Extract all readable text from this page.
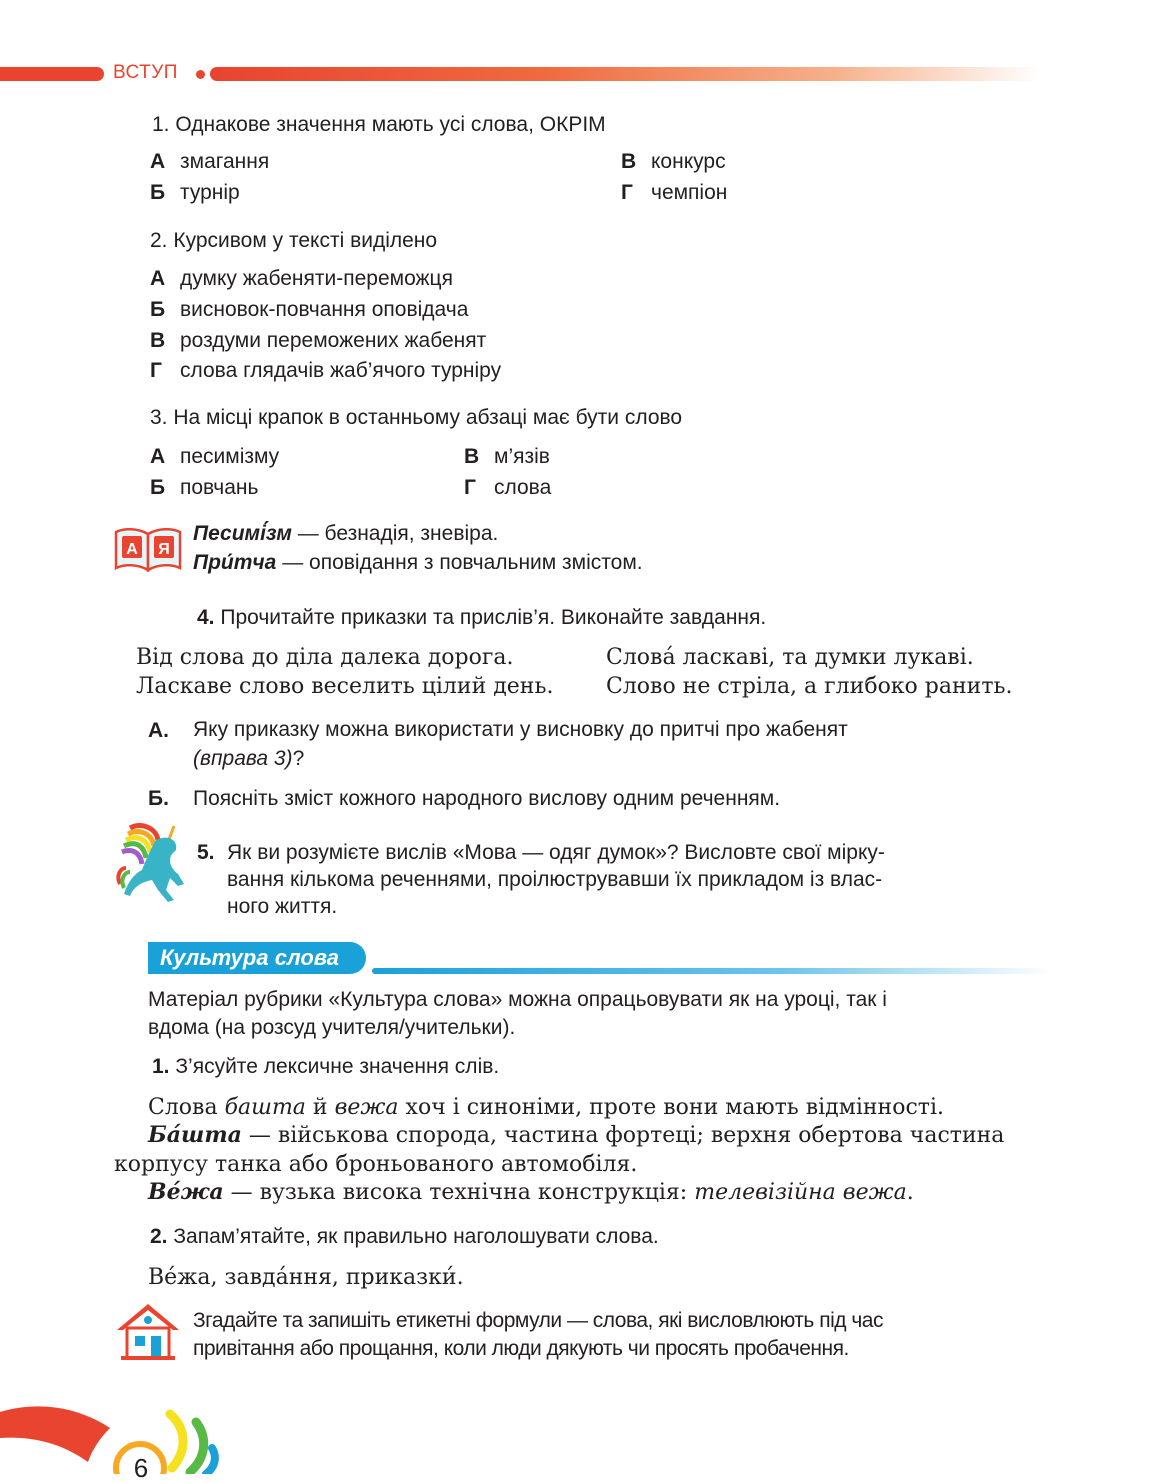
ВСТУП
1. Однакове значення мають усі слова, ОКРІМ
А змагання
Б турнір
В конкурс
Г чемпіон
2. Курсивом у тексті виділено
А думку жабеняти-переможця
Б висновок-повчання оповідача
В роздуми переможених жабенят
Г слова глядачів жаб’ячого турніру
3. На місці крапок в останньому абзаці має бути слово
А песимізму
Б повчань
В м’язів
Г слова
А Я
Песимі́зм — безнадія, зневіра.
При́тча — оповідання з повчальним змістом.
4. Прочитайте приказки та прислів’я. Виконайте завдання.
Від слова до діла далека дорога.
Ласкаве слово веселить цілий день.
Слова́ ласкаві, та думки лукаві.
Слово не стріла, а глибоко ранить.
А. Яку приказку можна використати у висновку до притчі про жабенят
(вправа 3)?
Б. Поясніть зміст кожного народного вислову одним реченням.
5. Як ви розумієте вислів «Мова — одяг думок»? Висловте свої мірку-
вання кількома реченнями, проілюструвавши їх прикладом із влас-
ного життя.
Культура слова
Матеріал рубрики «Культура слова» можна опрацьовувати як на уроці, так і
вдома (на розсуд учителя/учительки).
1. З’ясуйте лексичне значення слів.
Слова башта й вежа хоч і синоніми, проте вони мають відмінності.
Ба́шта — військова спорода, частина фортеці; верхня обертова частина
корпусу танка або броньованого автомобіля.
Ве́жа — вузька висока технічна конструкція: телевізійна вежа.
2. Запам’ятайте, як правильно наголошувати слова.
Ве́жа, завда́ння, приказки́.
Згадайте та запишіть етикетні формули — слова, які висловлюють під час
привітання або прощання, коли люди дякують чи просять пробачення.
6
